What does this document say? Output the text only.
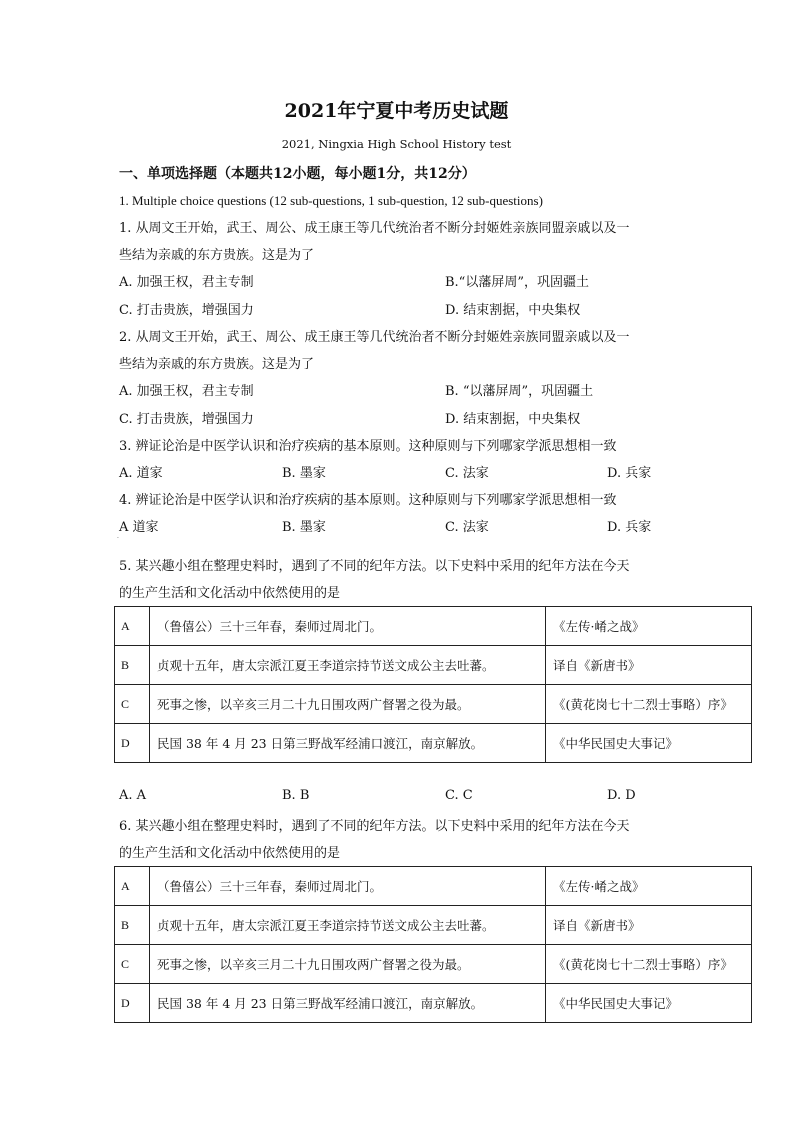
2021年宁夏中考历史试题
2021, Ningxia High School History test
一、单项选择题（本题共12小题，每小题1分，共12分）
1. Multiple choice questions (12 sub-questions, 1 sub-question, 12 sub-questions)
1. 从周文王开始，武王、周公、成王康王等几代统治者不断分封姬姓亲族同盟亲戚以及一
些结为亲戚的东方贵族。这是为了
A. 加强王权，君主专制	B.“以藩屏周”，巩固疆土
C. 打击贵族，增强国力	D. 结束割据，中央集权
2. 从周文王开始，武王、周公、成王康王等几代统治者不断分封姬姓亲族同盟亲戚以及一
些结为亲戚的东方贵族。这是为了
A. 加强王权，君主专制	B. “以藩屏周”，巩固疆土
C. 打击贵族，增强国力	D. 结束割据，中央集权
3. 辨证论治是中医学认识和治疗疾病的基本原则。这种原则与下列哪家学派思想相一致
A. 道家	B. 墨家	C. 法家	D. 兵家
4. 辨证论治是中医学认识和治疗疾病的基本原则。这种原则与下列哪家学派思想相一致
A 道家	B. 墨家	C. 法家	D. 兵家
·
5. 某兴趣小组在整理史料时，遇到了不同的纪年方法。以下史料中采用的纪年方法在今天
的生产生活和文化活动中依然使用的是
A	（鲁僖公）三十三年春，秦师过周北门。	《左传·崤之战》
B	贞观十五年，唐太宗派江夏王李道宗持节送文成公主去吐蕃。	译自《新唐书》
C	死事之惨，以辛亥三月二十九日围攻两广督署之役为最。	《(黄花岗七十二烈士事略）序》
D	民国 38 年 4 月 23 日第三野战军经浦口渡江，南京解放。	《中华民国史大事记》
A. A	B. B	C. C	D. D
6. 某兴趣小组在整理史料时，遇到了不同的纪年方法。以下史料中采用的纪年方法在今天
的生产生活和文化活动中依然使用的是
A	（鲁僖公）三十三年春，秦师过周北门。	《左传·崤之战》
B	贞观十五年，唐太宗派江夏王李道宗持节送文成公主去吐蕃。	译自《新唐书》
C	死事之惨，以辛亥三月二十九日围攻两广督署之役为最。	《(黄花岗七十二烈士事略）序》
D	民国 38 年 4 月 23 日第三野战军经浦口渡江，南京解放。	《中华民国史大事记》
